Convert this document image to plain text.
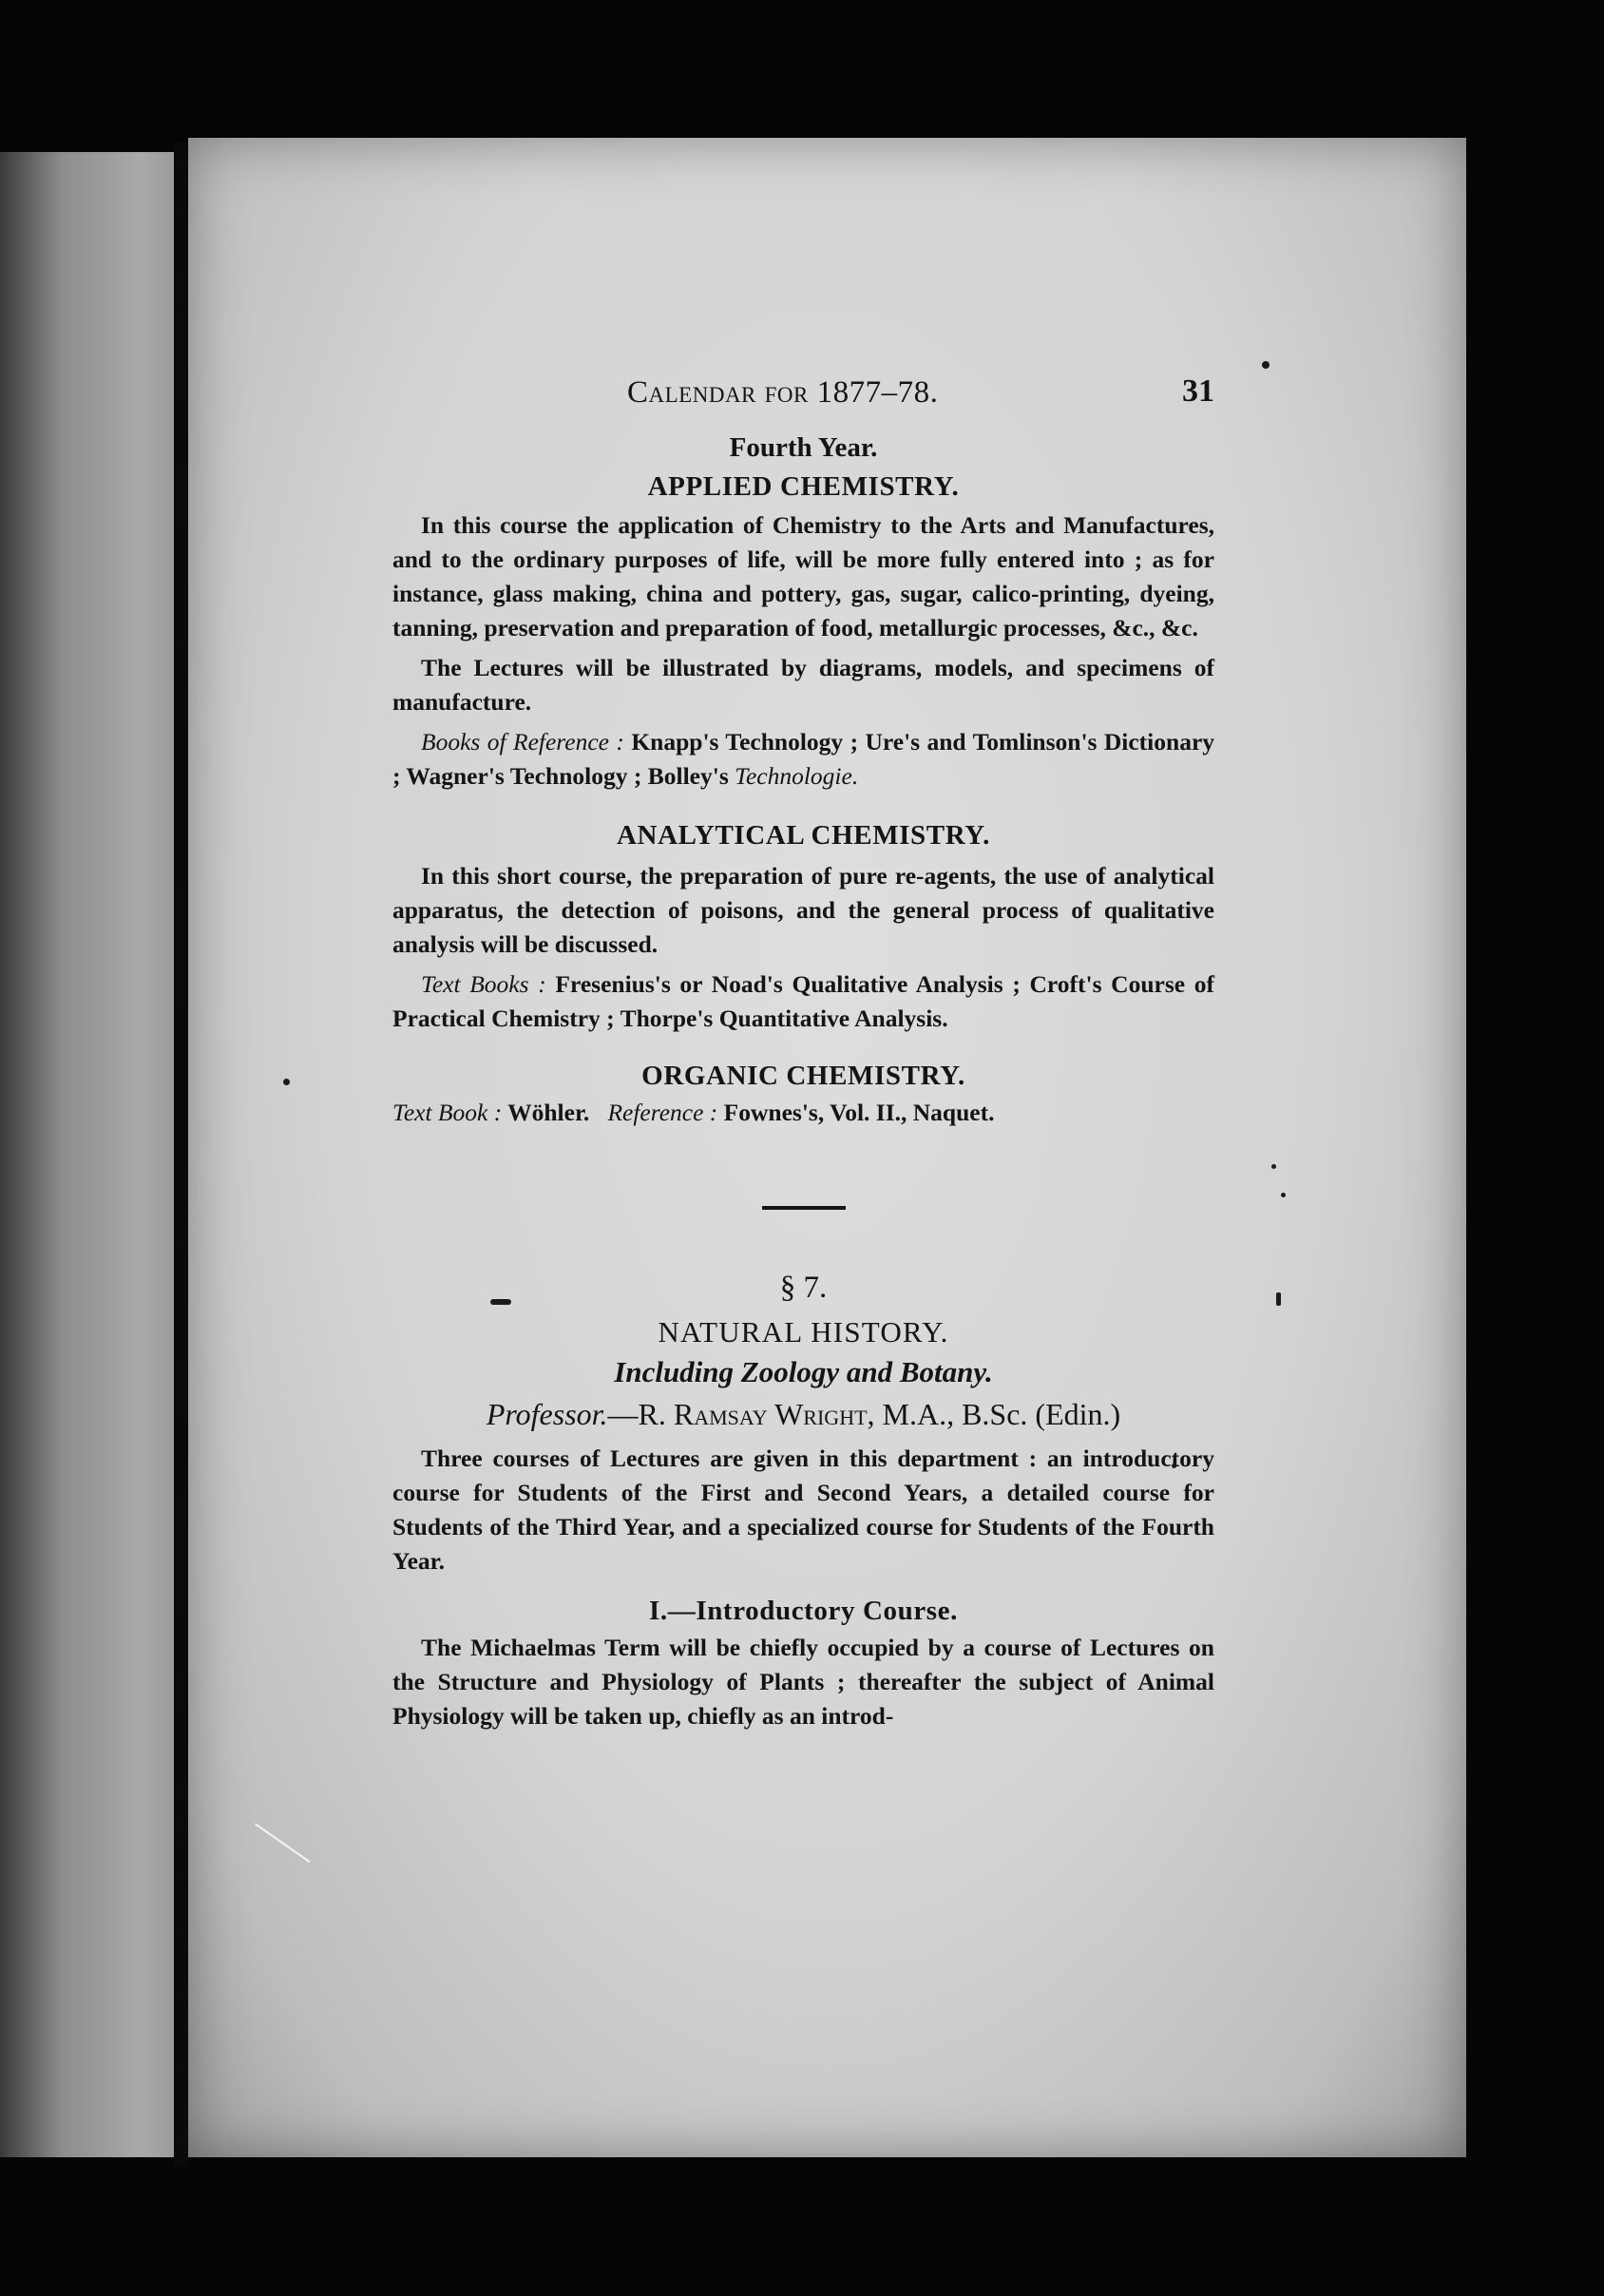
Calendar for 1877–78.	31

Fourth Year.

APPLIED CHEMISTRY.

In this course the application of Chemistry to the Arts and Manufactures, and to the ordinary purposes of life, will be more fully entered into ; as for instance, glass making, china and pottery, gas, sugar, calico-printing, dyeing, tanning, preservation and preparation of food, metallurgic processes, &c., &c.

The Lectures will be illustrated by diagrams, models, and specimens of manufacture.

Books of Reference : Knapp's Technology ; Ure's and Tomlinson's Dictionary ; Wagner's Technology ; Bolley's Technologie.

ANALYTICAL CHEMISTRY.

In this short course, the preparation of pure re-agents, the use of analytical apparatus, the detection of poisons, and the general process of qualitative analysis will be discussed.

Text Books : Fresenius's or Noad's Qualitative Analysis ; Croft's Course of Practical Chemistry ; Thorpe's Quantitative Analysis.

ORGANIC CHEMISTRY.

Text Book : Wöhler. Reference : Fownes's, Vol. II., Naquet.

§ 7.

NATURAL HISTORY.

Including Zoology and Botany.

Professor.—R. Ramsay Wright, M.A., B.Sc. (Edin.)

Three courses of Lectures are given in this department : an introductory course for Students of the First and Second Years, a detailed course for Students of the Third Year, and a specialized course for Students of the Fourth Year.

I.—Introductory Course.

The Michaelmas Term will be chiefly occupied by a course of Lectures on the Structure and Physiology of Plants ; thereafter the subject of Animal Physiology will be taken up, chiefly as an introd-
